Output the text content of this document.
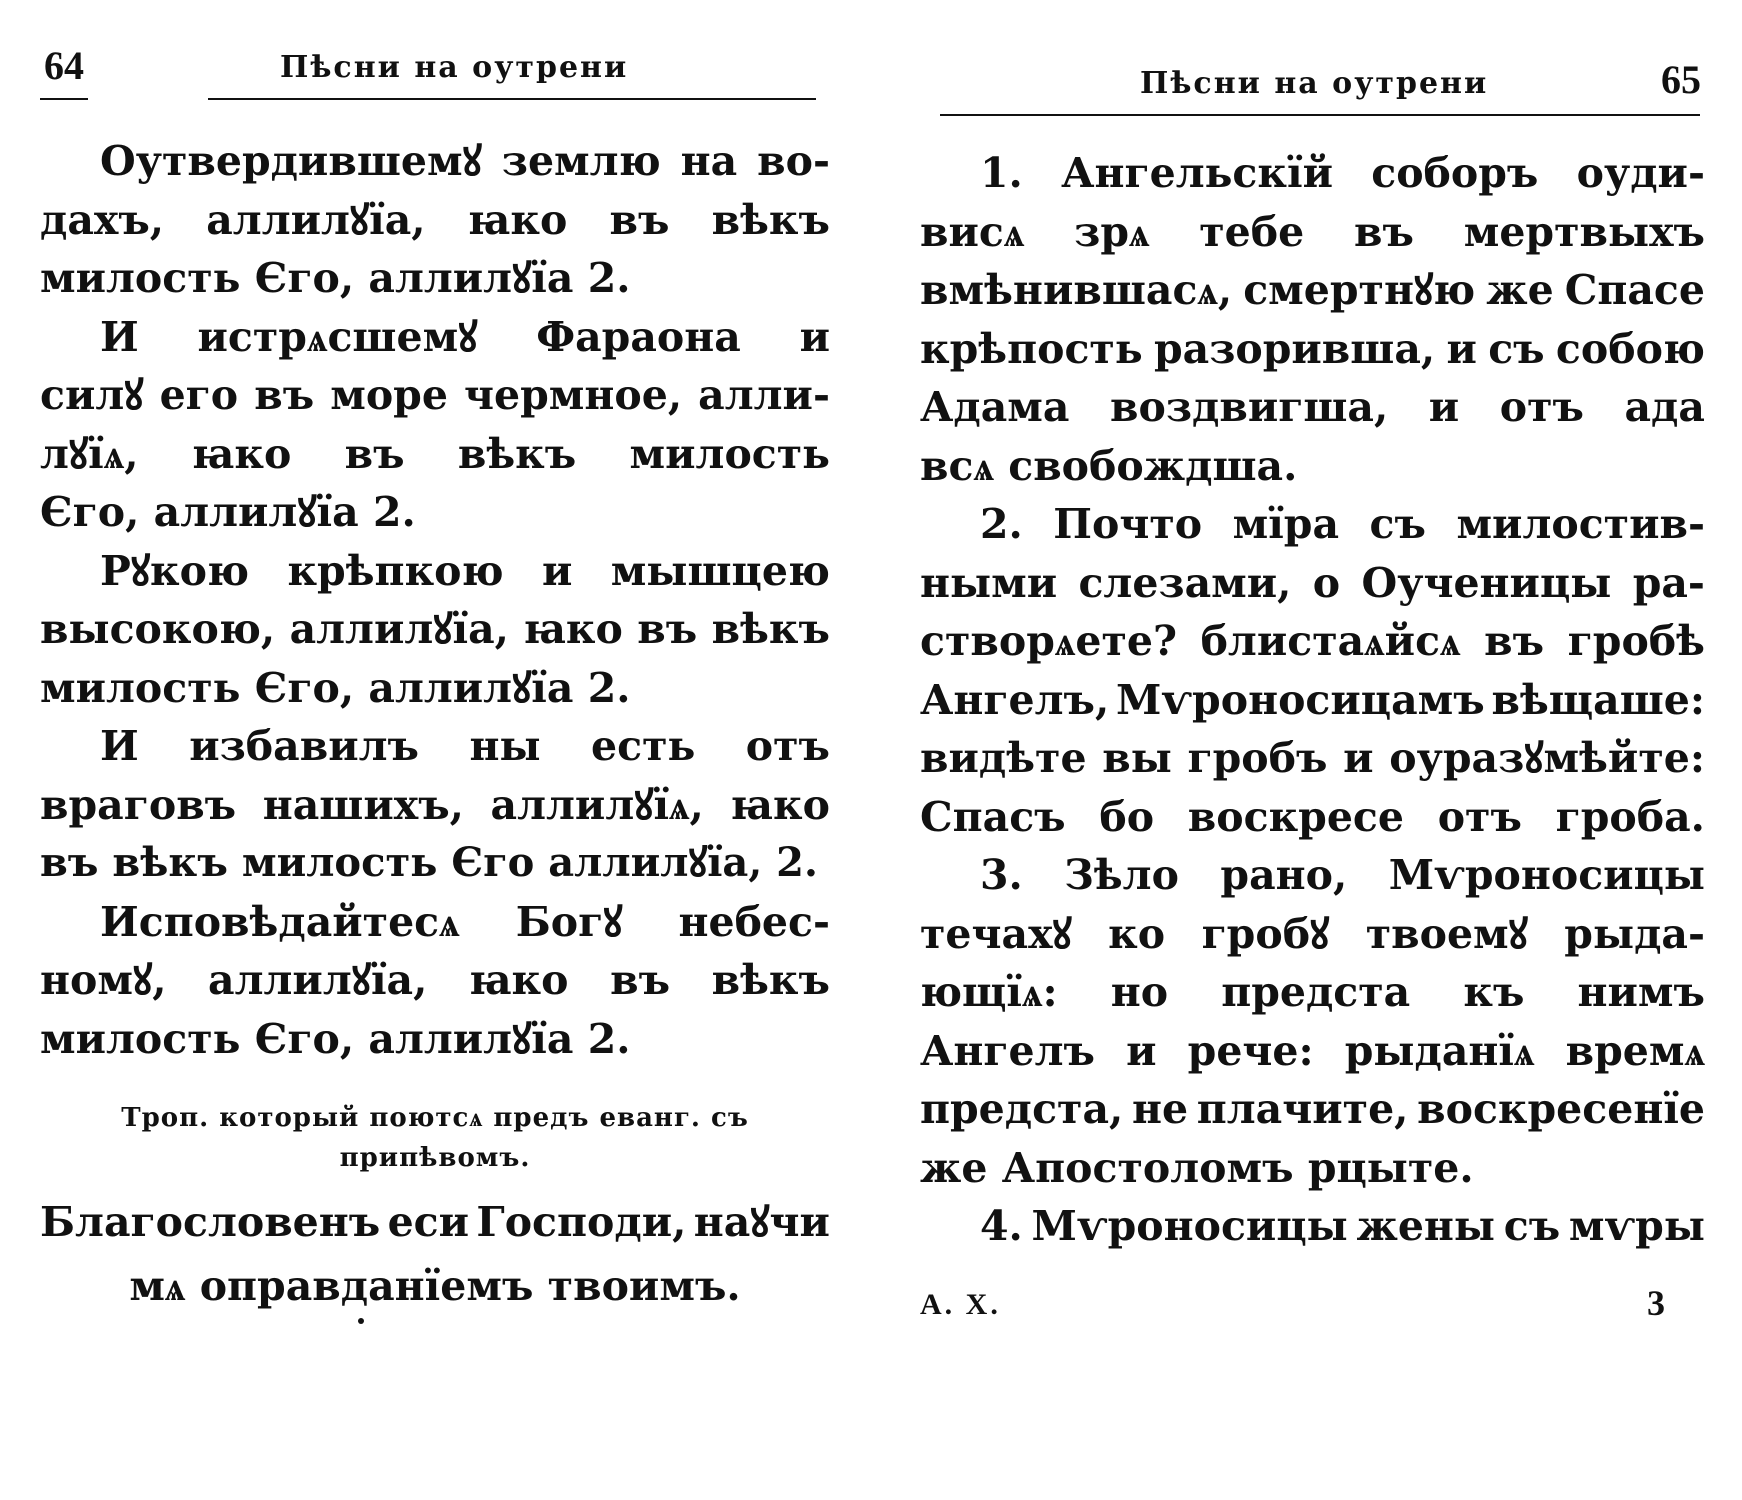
64	Пѣсни на оутрени
Оутвердившемꙋ землю на во-
дахъ, аллилꙋїа, ꙗко въ вѣкъ
милость Єго, аллилꙋїа 2.
И истрѧсшемꙋ Фараона и
силꙋ его въ море чермное, алли-
лꙋїѧ, ꙗко въ вѣкъ милость
Єго, аллилꙋїа 2.
Рꙋкою крѣпкою и мышцею
высокою, аллилꙋїа, ꙗко въ вѣкъ
милость Єго, аллилꙋїа 2.
И избавилъ ны есть отъ
враговъ нашихъ, аллилꙋїѧ, ꙗко
въ вѣкъ милость Єго аллилꙋїа, 2.
Исповѣдайтесѧ Богꙋ небес-
номꙋ, аллилꙋїа, ꙗко въ вѣкъ
милость Єго, аллилꙋїа 2.
Троп. который поютсѧ предъ еванг. съ
припѣвомъ.
Благословенъ еси Господи, наꙋчи
мѧ оправданїемъ твоимъ.
Пѣсни на оутрени	65
1. Ангельскїй соборъ оуди-
висѧ зрѧ тебе въ мертвыхъ
вмѣнившасѧ, смертнꙋю же Спасе
крѣпость разорившa, и съ собою
Адама воздвигша, и отъ ада
всѧ свобождша.
2. Почто мїра съ милостив-
ными слезами, о Оученицы ра-
створѧете? блистаѧйсѧ въ гробѣ
Ангелъ, Мѵроносицамъ вѣщаше:
видѣте вы гробъ и оуразꙋмѣйте:
Спасъ бо воскресе отъ гроба.
3. Зѣло рано, Мѵроносицы
течахꙋ ко гробꙋ твоемꙋ рыда-
ющїѧ: но предста къ нимъ
Ангелъ и рече: рыданїѧ времѧ
предста, не плачите, воскресенїе
же Апостоломъ рцыте.
4. Мѵроносицы жены съ мѵры
А. Х.	3
